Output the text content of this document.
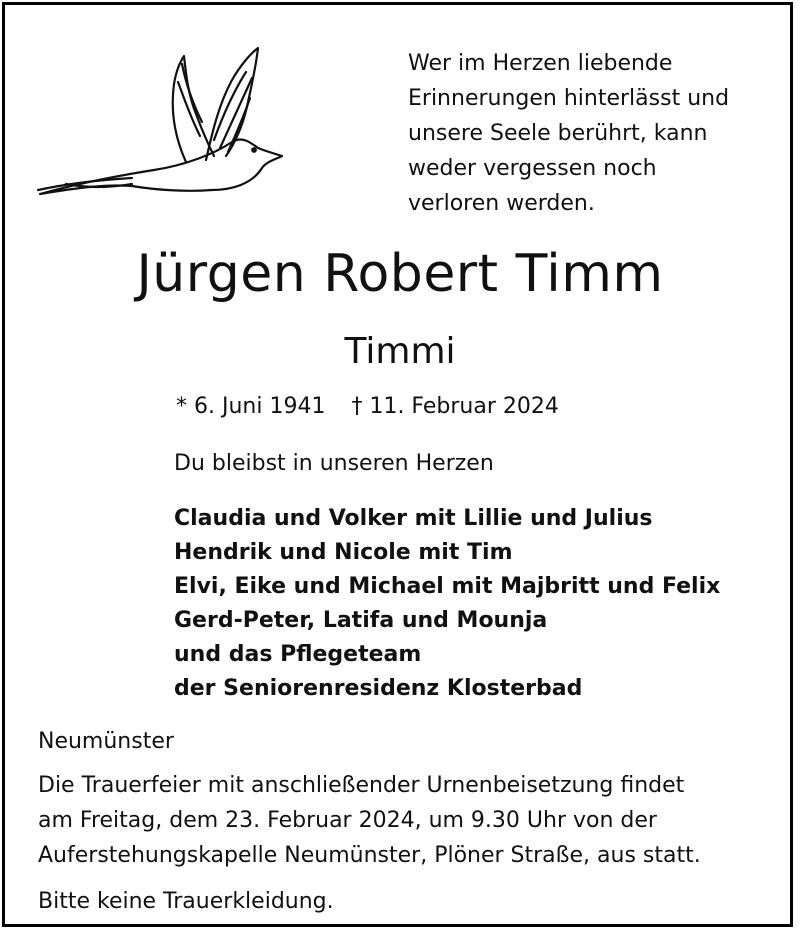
Wer im Herzen liebende
Erinnerungen hinterlässt und
unsere Seele berührt, kann
weder vergessen noch
verloren werden.
Jürgen Robert Timm
Timmi
* 6. Juni 1941 † 11. Februar 2024
Du bleibst in unseren Herzen
Claudia und Volker mit Lillie und Julius
Hendrik und Nicole mit Tim
Elvi, Eike und Michael mit Majbritt und Felix
Gerd-Peter, Latifa und Mounja
und das Pflegeteam
der Seniorenresidenz Klosterbad
Neumünster
Die Trauerfeier mit anschließender Urnenbeisetzung findet
am Freitag, dem 23. Februar 2024, um 9.30 Uhr von der
Auferstehungskapelle Neumünster, Plöner Straße, aus statt.
Bitte keine Trauerkleidung.
